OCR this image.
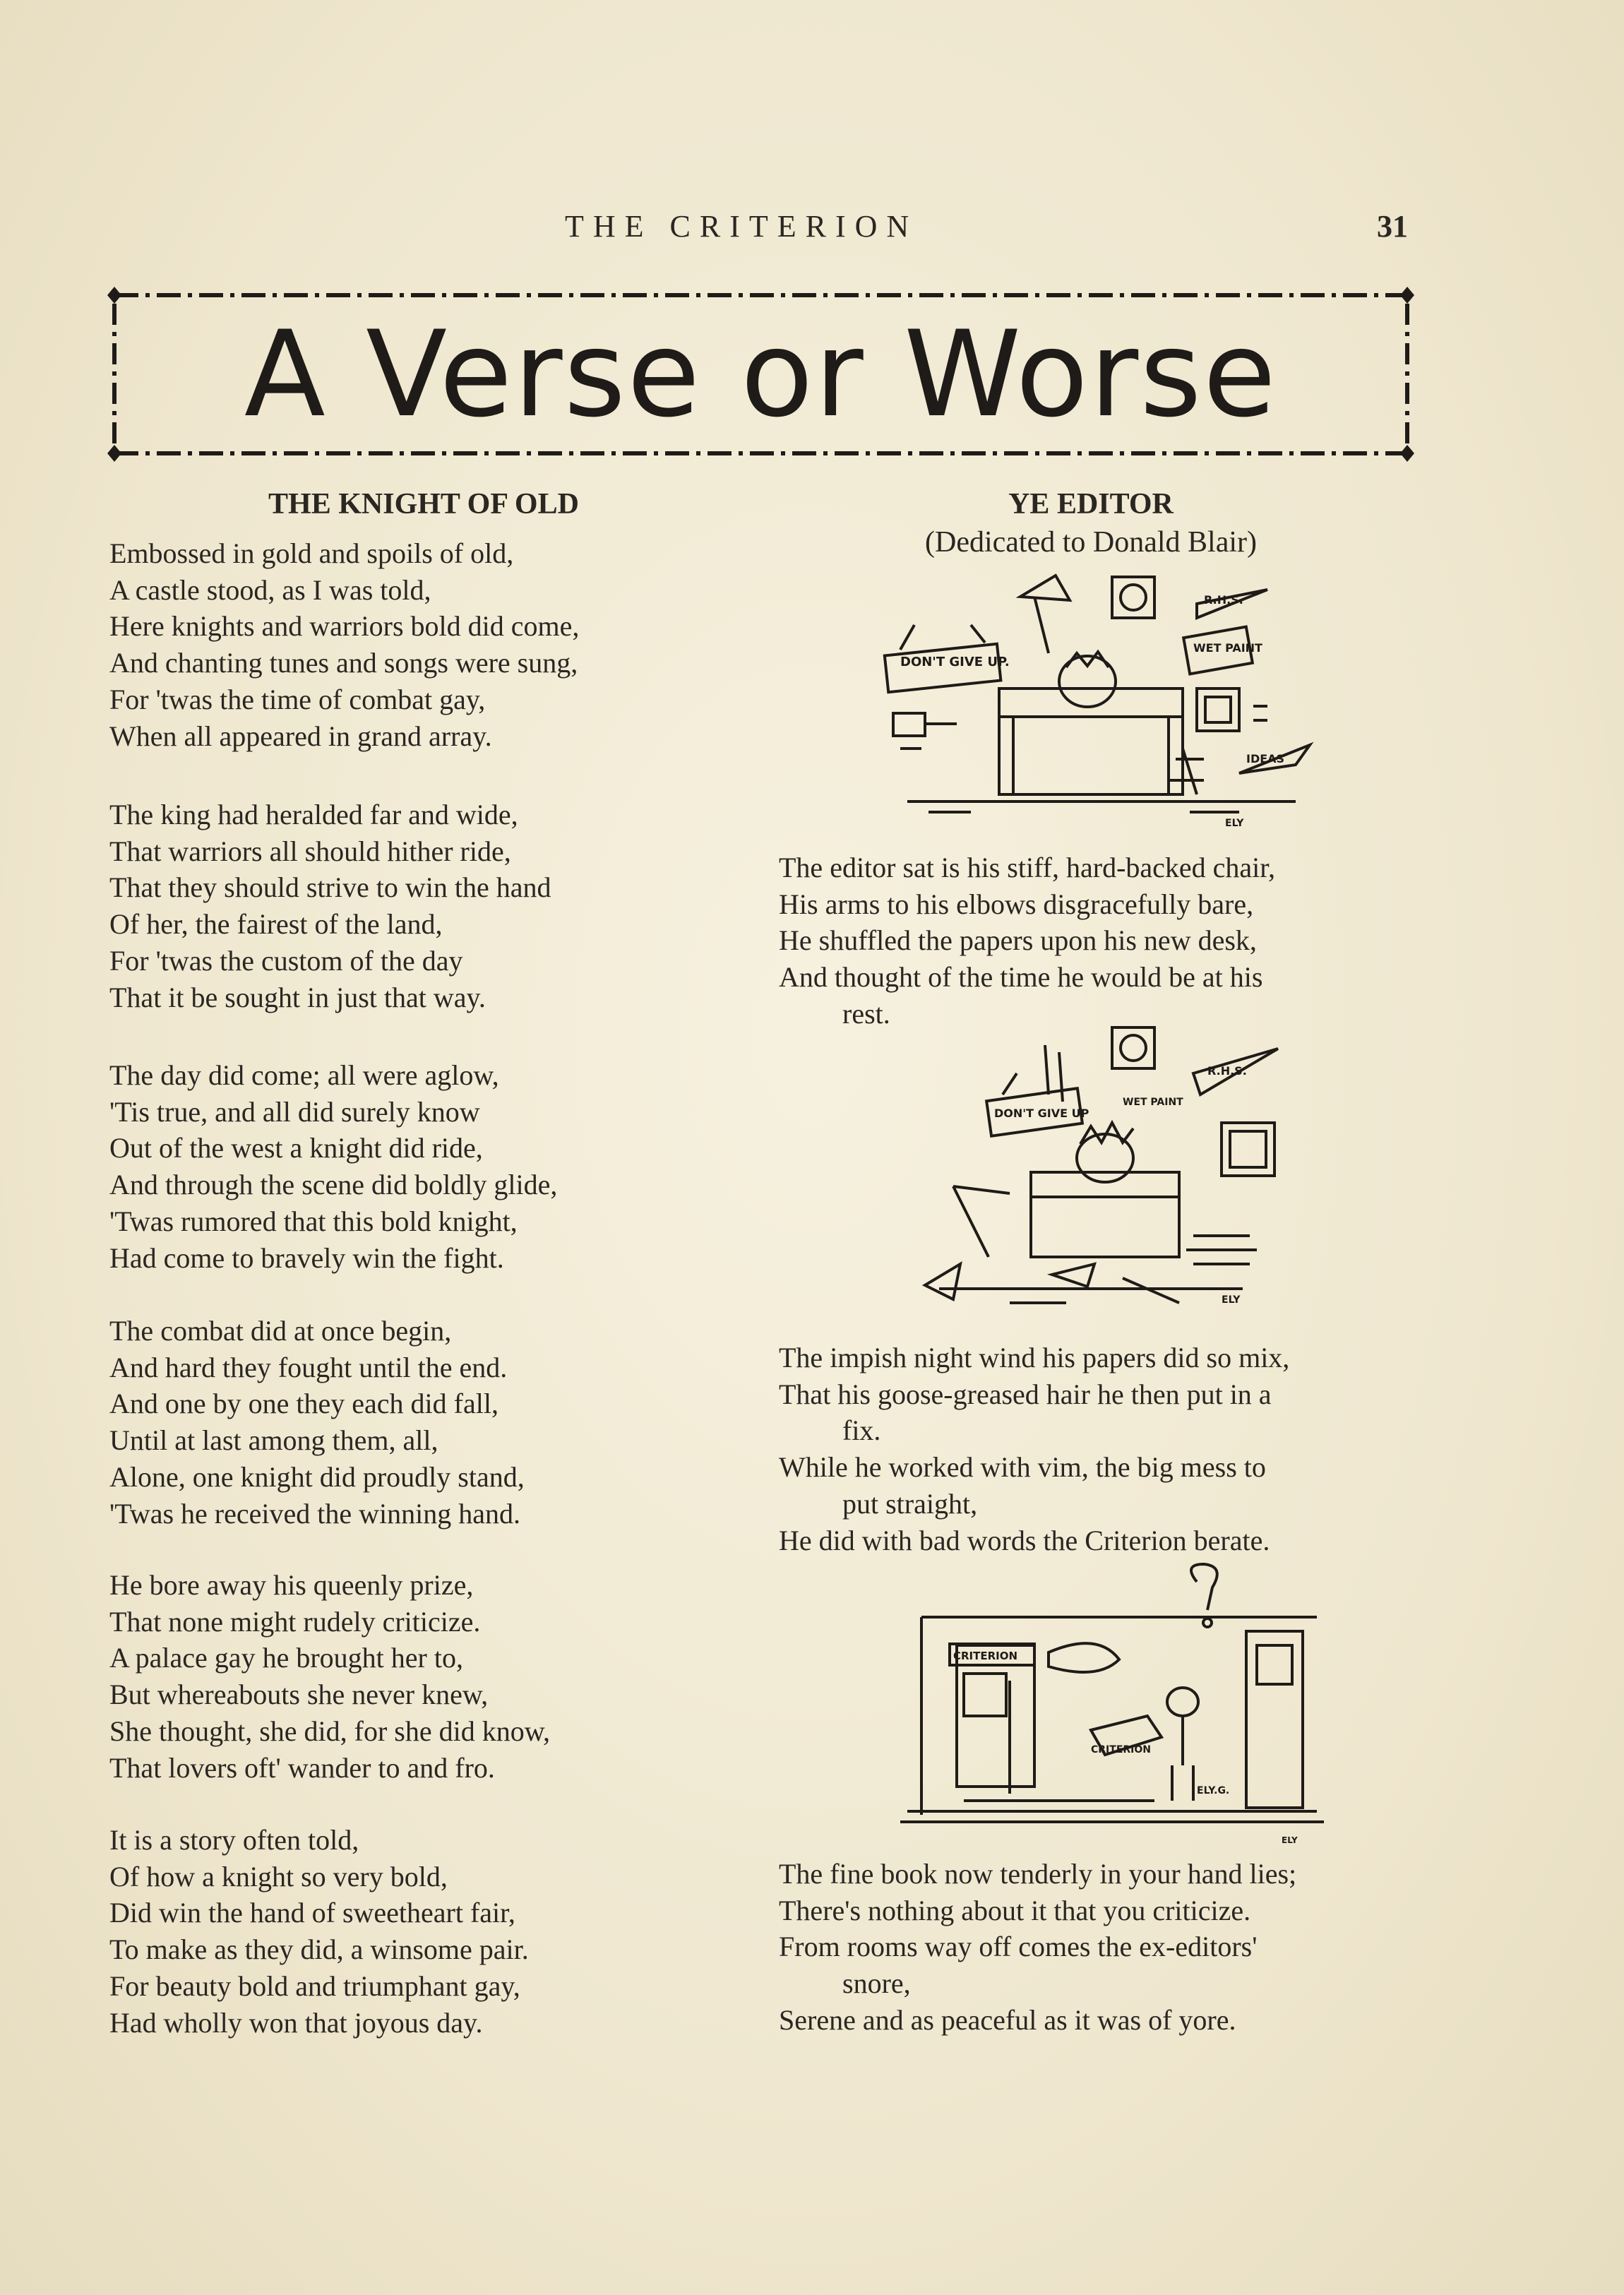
THE CRITERION	31
A Verse or Worse
THE KNIGHT OF OLD
Embossed in gold and spoils of old,
A castle stood, as I was told,
Here knights and warriors bold did come,
And chanting tunes and songs were sung,
For 'twas the time of combat gay,
When all appeared in grand array.
The king had heralded far and wide,
That warriors all should hither ride,
That they should strive to win the hand
Of her, the fairest of the land,
For 'twas the custom of the day
That it be sought in just that way.
The day did come; all were aglow,
'Tis true, and all did surely know
Out of the west a knight did ride,
And through the scene did boldly glide,
'Twas rumored that this bold knight,
Had come to bravely win the fight.
The combat did at once begin,
And hard they fought until the end.
And one by one they each did fall,
Until at last among them, all,
Alone, one knight did proudly stand,
'Twas he received the winning hand.
He bore away his queenly prize,
That none might rudely criticize.
A palace gay he brought her to,
But whereabouts she never knew,
She thought, she did, for she did know,
That lovers oft' wander to and fro.
It is a story often told,
Of how a knight so very bold,
Did win the hand of sweetheart fair,
To make as they did, a winsome pair.
For beauty bold and triumphant gay,
Had wholly won that joyous day.
YE EDITOR
(Dedicated to Donald Blair)
DON'T GIVE UP.
R.H.S.
WET PAINT
IDEAS
ELY
The editor sat is his stiff, hard-backed chair,
His arms to his elbows disgracefully bare,
He shuffled the papers upon his new desk,
And thought of the time he would be at his
rest.
DON'T GIVE UP
R.H.S.
WET PAINT
ELY
The impish night wind his papers did so mix,
That his goose-greased hair he then put in a
fix.
While he worked with vim, the big mess to
put straight,
He did with bad words the Criterion berate.
CRITERION
CRITERION
ELY.G.
ELY
The fine book now tenderly in your hand lies;
There's nothing about it that you criticize.
From rooms way off comes the ex-editors'
snore,
Serene and as peaceful as it was of yore.
